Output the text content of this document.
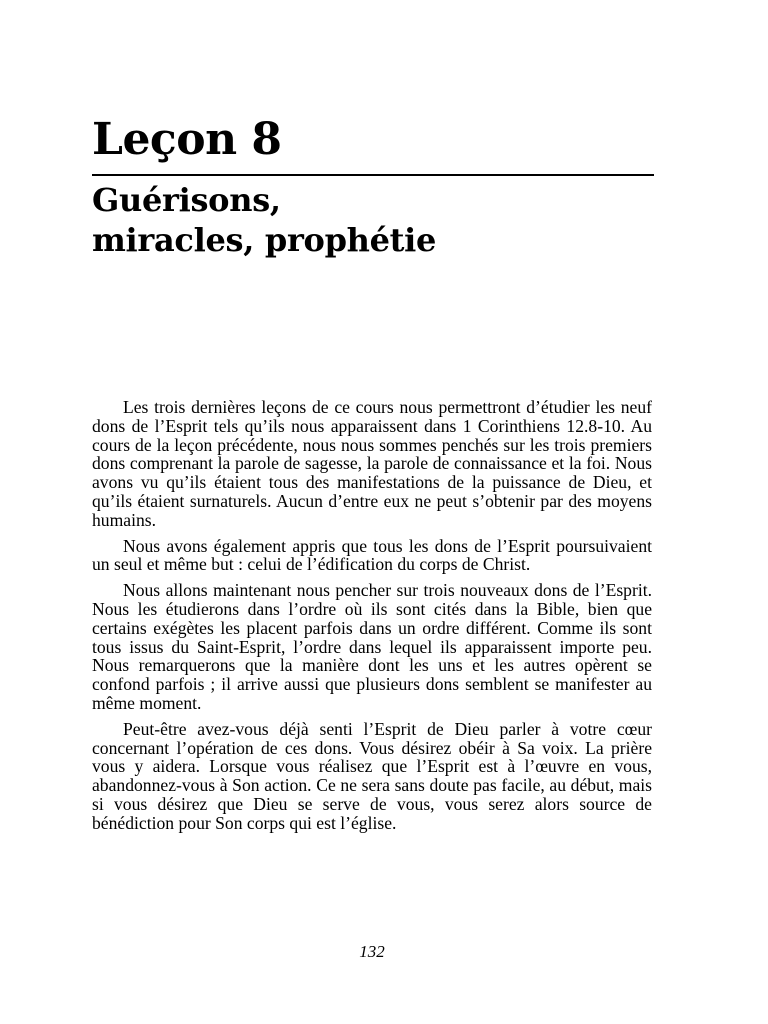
Leçon 8
Guérisons,
miracles, prophétie

Les trois dernières leçons de ce cours nous permettront d’étudier les neuf dons de l’Esprit tels qu’ils nous apparaissent dans 1 Corinthiens 12.8-10. Au cours de la leçon précédente, nous nous sommes penchés sur les trois premiers dons comprenant la parole de sagesse, la parole de connaissance et la foi. Nous avons vu qu’ils étaient tous des manifestations de la puissance de Dieu, et qu’ils étaient surnaturels. Aucun d’entre eux ne peut s’obtenir par des moyens humains.

Nous avons également appris que tous les dons de l’Esprit poursuivaient un seul et même but : celui de l’édification du corps de Christ.

Nous allons maintenant nous pencher sur trois nouveaux dons de l’Esprit. Nous les étudierons dans l’ordre où ils sont cités dans la Bible, bien que certains exégètes les placent parfois dans un ordre différent. Comme ils sont tous issus du Saint-Esprit, l’ordre dans lequel ils apparaissent importe peu. Nous remarquerons que la manière dont les uns et les autres opèrent se confond parfois ; il arrive aussi que plusieurs dons semblent se manifester au même moment.

Peut-être avez-vous déjà senti l’Esprit de Dieu parler à votre cœur concernant l’opération de ces dons. Vous désirez obéir à Sa voix. La prière vous y aidera. Lorsque vous réalisez que l’Esprit est à l’œuvre en vous, abandonnez-vous à Son action. Ce ne sera sans doute pas facile, au début, mais si vous désirez que Dieu se serve de vous, vous serez alors source de bénédiction pour Son corps qui est l’église.

132
